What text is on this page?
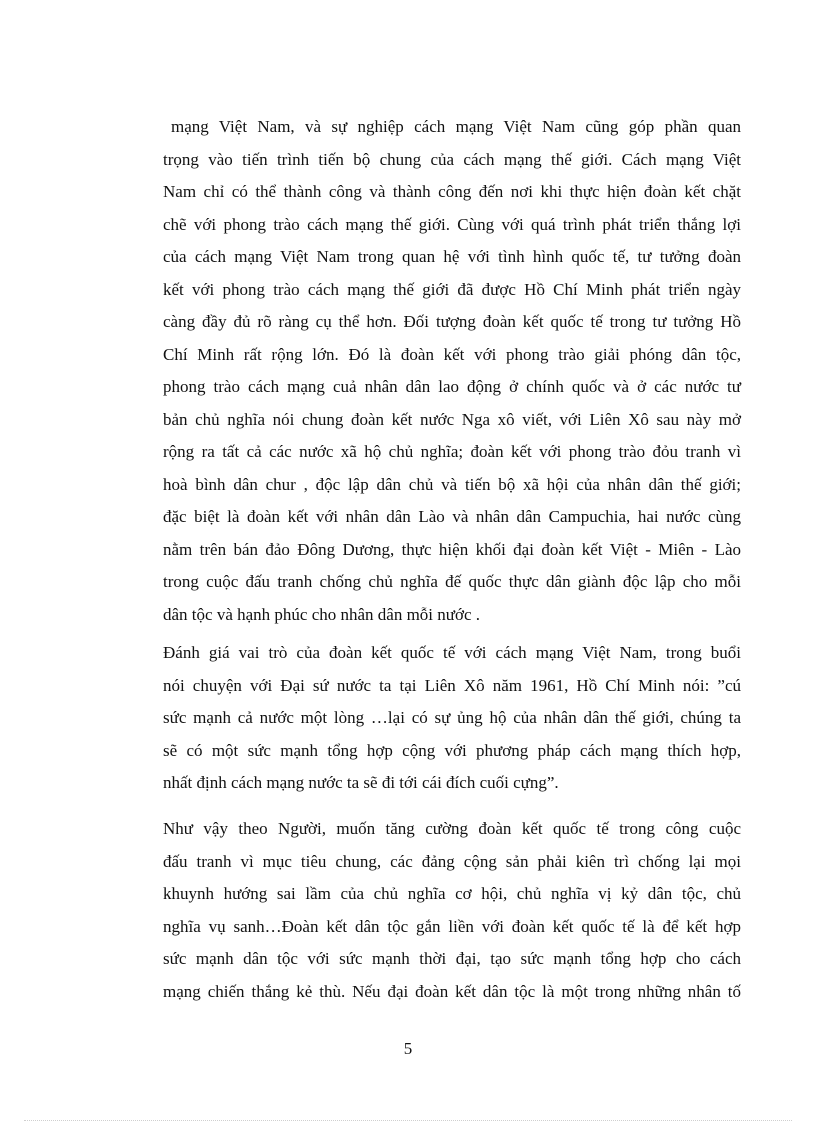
mạng Việt Nam, và sự nghiệp cách mạng Việt Nam cũng góp phần quan
trọng vào tiến trình tiến bộ chung của cách mạng thế giới. Cách mạng Việt
Nam chỉ có thể thành công và thành công đến nơi khi thực hiện đoàn kết chặt
chẽ với phong trào cách mạng thế giới. Cùng với quá trình phát triển thắng lợi
của cách mạng Việt Nam trong quan hệ với tình hình quốc tế, tư tưởng đoàn
kết với phong trào cách mạng thế giới đã được Hồ Chí Minh phát triển ngày
càng đầy đủ rõ ràng cụ thể hơn. Đối tượng đoàn kết quốc tế trong tư tưởng Hồ
Chí Minh rất rộng lớn. Đó là đoàn kết với phong trào giải phóng dân tộc,
phong trào cách mạng cuả nhân dân lao động ở chính quốc và ở các nước tư
bản chủ nghĩa nói chung đoàn kết nước Nga xô viết, với Liên Xô sau này mở
rộng ra tất cả các nước xã hộ chủ nghĩa; đoàn kết với phong trào đỏu tranh vì
hoà bình dân chur , độc lập dân chủ và tiến bộ xã hội của nhân dân thế giới;
đặc biệt là đoàn kết với nhân dân Lào và nhân dân Campuchia, hai nước cùng
nằm trên bán đảo Đông Dương, thực hiện khối đại đoàn kết Việt - Miên - Lào
trong cuộc đấu tranh chống chủ nghĩa đế quốc thực dân giành độc lập cho mỗi
dân tộc và hạnh phúc cho nhân dân mỗi nước .
Đánh giá vai trò của đoàn kết quốc tế với cách mạng Việt Nam, trong buổi
nói chuyện với Đại sứ nước ta tại Liên Xô năm 1961, Hồ Chí Minh nói: ”cú
sức mạnh cả nước một lòng …lại có sự ủng hộ của nhân dân thế giới, chúng ta
sẽ có một sức mạnh tổng hợp cộng với phương pháp cách mạng thích hợp,
nhất định cách mạng nước ta sẽ đi tới cái đích cuối cựng”.
Như vậy theo Người, muốn tăng cường đoàn kết quốc tế trong công cuộc
đấu tranh vì mục tiêu chung, các đảng cộng sản phải kiên trì chống lại mọi
khuynh hướng sai lầm của chủ nghĩa cơ hội, chủ nghĩa vị kỷ dân tộc, chủ
nghĩa vụ sanh…Đoàn kết dân tộc gắn liền với đoàn kết quốc tế là để kết hợp
sức mạnh dân tộc với sức mạnh thời đại, tạo sức mạnh tổng hợp cho cách
mạng chiến thắng kẻ thù. Nếu đại đoàn kết dân tộc là một trong những nhân tố
5
